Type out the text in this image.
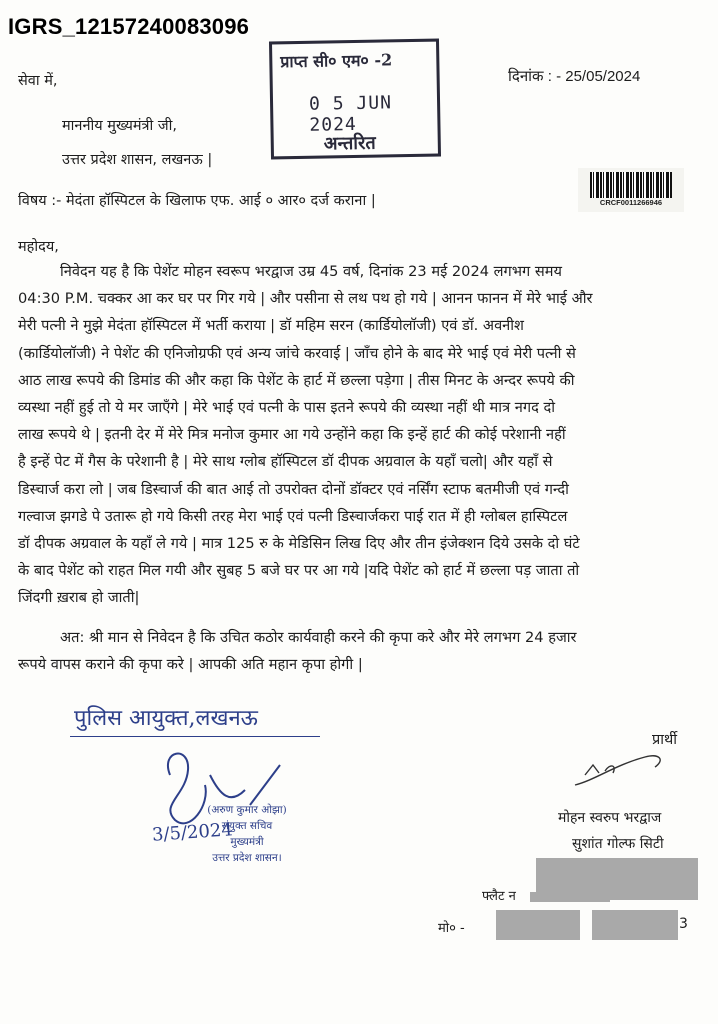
IGRS_12157240083096
सेवा में,
माननीय मुख्यमंत्री जी,
उत्तर प्रदेश शासन, लखनऊ |
प्राप्त सी० एम० -2
0 5 JUN 2024
अन्तरित
दिनांक : - 25/05/2024
CRCF0011266946
विषय :- मेदंता हॉस्पिटल के खिलाफ एफ. आई ० आर० दर्ज कराना |
महोदय,

निवेदन यह है कि पेशेंट मोहन स्वरूप भरद्वाज उम्र 45 वर्ष, दिनांक 23 मई 2024 लगभग समय

04:30 P.M. चक्कर आ कर घर पर गिर गये | और पसीना से लथ पथ हो गये | आनन फानन में मेरे भाई और

मेरी पत्नी ने मुझे मेदंता हॉस्पिटल में भर्ती कराया | डॉ महिम सरन (कार्डियोलॉजी) एवं डॉ. अवनीश

(कार्डियोलॉजी) ने पेशेंट की एनिजोग्रफी एवं अन्य जांचे करवाई | जाँच होने के बाद मेरे भाई एवं मेरी पत्नी से

आठ लाख रूपये की डिमांड की और कहा कि पेशेंट के हार्ट में छल्ला पड़ेगा | तीस मिनट के अन्दर रूपये की

व्यस्था नहीं हुई तो ये मर जाएँगे | मेरे भाई एवं पत्नी के पास इतने रूपये की व्यस्था नहीं थी मात्र नगद दो

लाख रूपये थे | इतनी देर में मेरे मित्र मनोज कुमार आ गये उन्होंने कहा कि इन्हें हार्ट की कोई परेशानी नहीं

है इन्हें पेट में गैस के परेशानी है | मेरे साथ ग्लोब हॉस्पिटल डॉ दीपक अग्रवाल के यहाँ चलो| और यहाँ से

डिस्चार्ज करा लो | जब डिस्चार्ज की बात आई तो उपरोक्त दोनों डॉक्टर एवं नर्सिंग स्टाफ बतमीजी एवं गन्दी

गल्वाज झगडे पे उतारू हो गये किसी तरह मेरा भाई एवं पत्नी डिस्चार्जकरा पाई रात में ही ग्लोबल हास्पिटल

डॉ दीपक अग्रवाल के यहाँ ले गये | मात्र 125 रु के मेडिसिन लिख दिए और तीन इंजेक्शन दिये उसके दो घंटे

के बाद पेशेंट को राहत मिल गयी और सुबह 5 बजे घर पर आ गये |यदि पेशेंट को हार्ट में छल्ला पड़ जाता तो

जिंदगी ख़राब हो जाती|

अत: श्री मान से निवेदन है कि उचित कठोर कार्यवाही करने की कृपा करे और मेरे लगभग 24 हजार

रूपये वापस कराने की कृपा करे | आपकी अति महान कृपा होगी |

पुलिस आयुक्त,लखनऊ
3/5/2024
(अरुण कुमार ओझा)
संयुक्त सचिव
मुख्यमंत्री
उत्तर प्रदेश शासन।
प्रार्थी
मोहन स्वरुप भरद्वाज
सुशांत गोल्फ सिटी
फ्लैट न
मो० -	3
